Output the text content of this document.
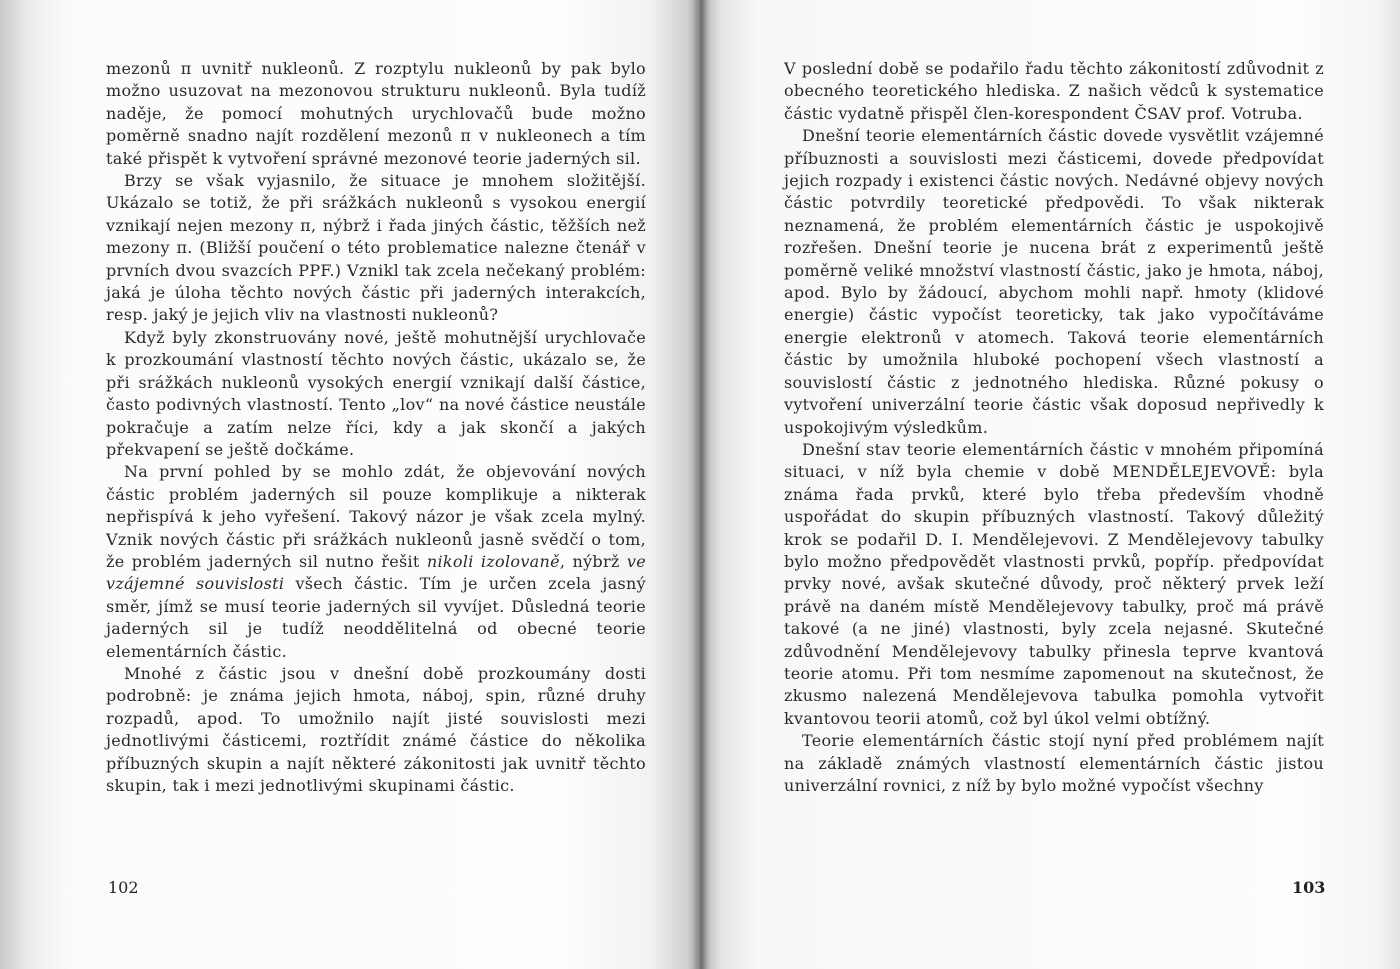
mezonů π uvnitř nukleonů. Z rozptylu nukleonů by pak bylo možno usuzovat na mezonovou strukturu nukleonů. Byla tudíž naděje, že pomocí mohutných urychlovačů bude možno poměrně snadno najít rozdělení mezonů π v nukleonech a tím také přispět k vytvoření správné mezonové teorie jaderných sil.

Brzy se však vyjasnilo, že situace je mnohem složitější. Ukázalo se totiž, že při srážkách nukleonů s vysokou energií vznikají nejen mezony π, nýbrž i řada jiných částic, těžších než mezony π. (Bližší poučení o této problematice nalezne čtenář v prvních dvou svazcích PPF.) Vznikl tak zcela nečekaný problém: jaká je úloha těchto nových částic při jaderných interakcích, resp. jaký je jejich vliv na vlastnosti nukleonů?

Když byly zkonstruovány nové, ještě mohutnější urychlovače k prozkoumání vlastností těchto nových částic, ukázalo se, že při srážkách nukleonů vysokých energií vznikají další částice, často podivných vlastností. Tento „lov“ na nové částice neustále pokračuje a zatím nelze říci, kdy a jak skončí a jakých překvapení se ještě dočkáme.

Na první pohled by se mohlo zdát, že objevování nových částic problém jaderných sil pouze komplikuje a nikterak nepřispívá k jeho vyřešení. Takový názor je však zcela mylný. Vznik nových částic při srážkách nukleonů jasně svědčí o tom, že problém jaderných sil nutno řešit nikoli izolovaně, nýbrž ve vzájemné souvislosti všech částic. Tím je určen zcela jasný směr, jímž se musí teorie jaderných sil vyvíjet. Důsledná teorie jaderných sil je tudíž neoddělitelná od obecné teorie elementárních částic.

Mnohé z částic jsou v dnešní době prozkoumány dosti podrobně: je známa jejich hmota, náboj, spin, různé druhy rozpadů, apod. To umožnilo najít jisté souvislosti mezi jednotlivými částicemi, roztřídit známé částice do několika příbuzných skupin a najít některé zákonitosti jak uvnitř těchto skupin, tak i mezi jednotlivými skupinami částic.

102

V poslední době se podařilo řadu těchto zákonitostí zdůvodnit z obecného teoretického hlediska. Z našich vědců k systematice částic vydatně přispěl člen-korespondent ČSAV prof. Votruba.

Dnešní teorie elementárních částic dovede vysvětlit vzájemné příbuznosti a souvislosti mezi částicemi, dovede předpovídat jejich rozpady i existenci částic nových. Nedávné objevy nových částic potvrdily teoretické předpovědi. To však nikterak neznamená, že problém elementárních částic je uspokojivě rozřešen. Dnešní teorie je nucena brát z experimentů ještě poměrně veliké množství vlastností částic, jako je hmota, náboj, apod. Bylo by žádoucí, abychom mohli např. hmoty (klidové energie) částic vypočíst teoreticky, tak jako vypočítáváme energie elektronů v atomech. Taková teorie elementárních částic by umožnila hluboké pochopení všech vlastností a souvislostí částic z jednotného hlediska. Různé pokusy o vytvoření univerzální teorie částic však doposud nepřivedly k uspokojivým výsledkům.

Dnešní stav teorie elementárních částic v mnohém připomíná situaci, v níž byla chemie v době MENDĚLEJEVOVĚ: byla známa řada prvků, které bylo třeba především vhodně uspořádat do skupin příbuzných vlastností. Takový důležitý krok se podařil D. I. Mendělejevovi. Z Mendělejevovy tabulky bylo možno předpovědět vlastnosti prvků, popříp. předpovídat prvky nové, avšak skutečné důvody, proč některý prvek leží právě na daném místě Mendělejevovy tabulky, proč má právě takové (a ne jiné) vlastnosti, byly zcela nejasné. Skutečné zdůvodnění Mendělejevovy tabulky přinesla teprve kvantová teorie atomu. Při tom nesmíme zapomenout na skutečnost, že zkusmo nalezená Mendělejevova tabulka pomohla vytvořit kvantovou teorii atomů, což byl úkol velmi obtížný.

Teorie elementárních částic stojí nyní před problémem najít na základě známých vlastností elementárních částic jistou univerzální rovnici, z níž by bylo možné vypočíst všechny

103
